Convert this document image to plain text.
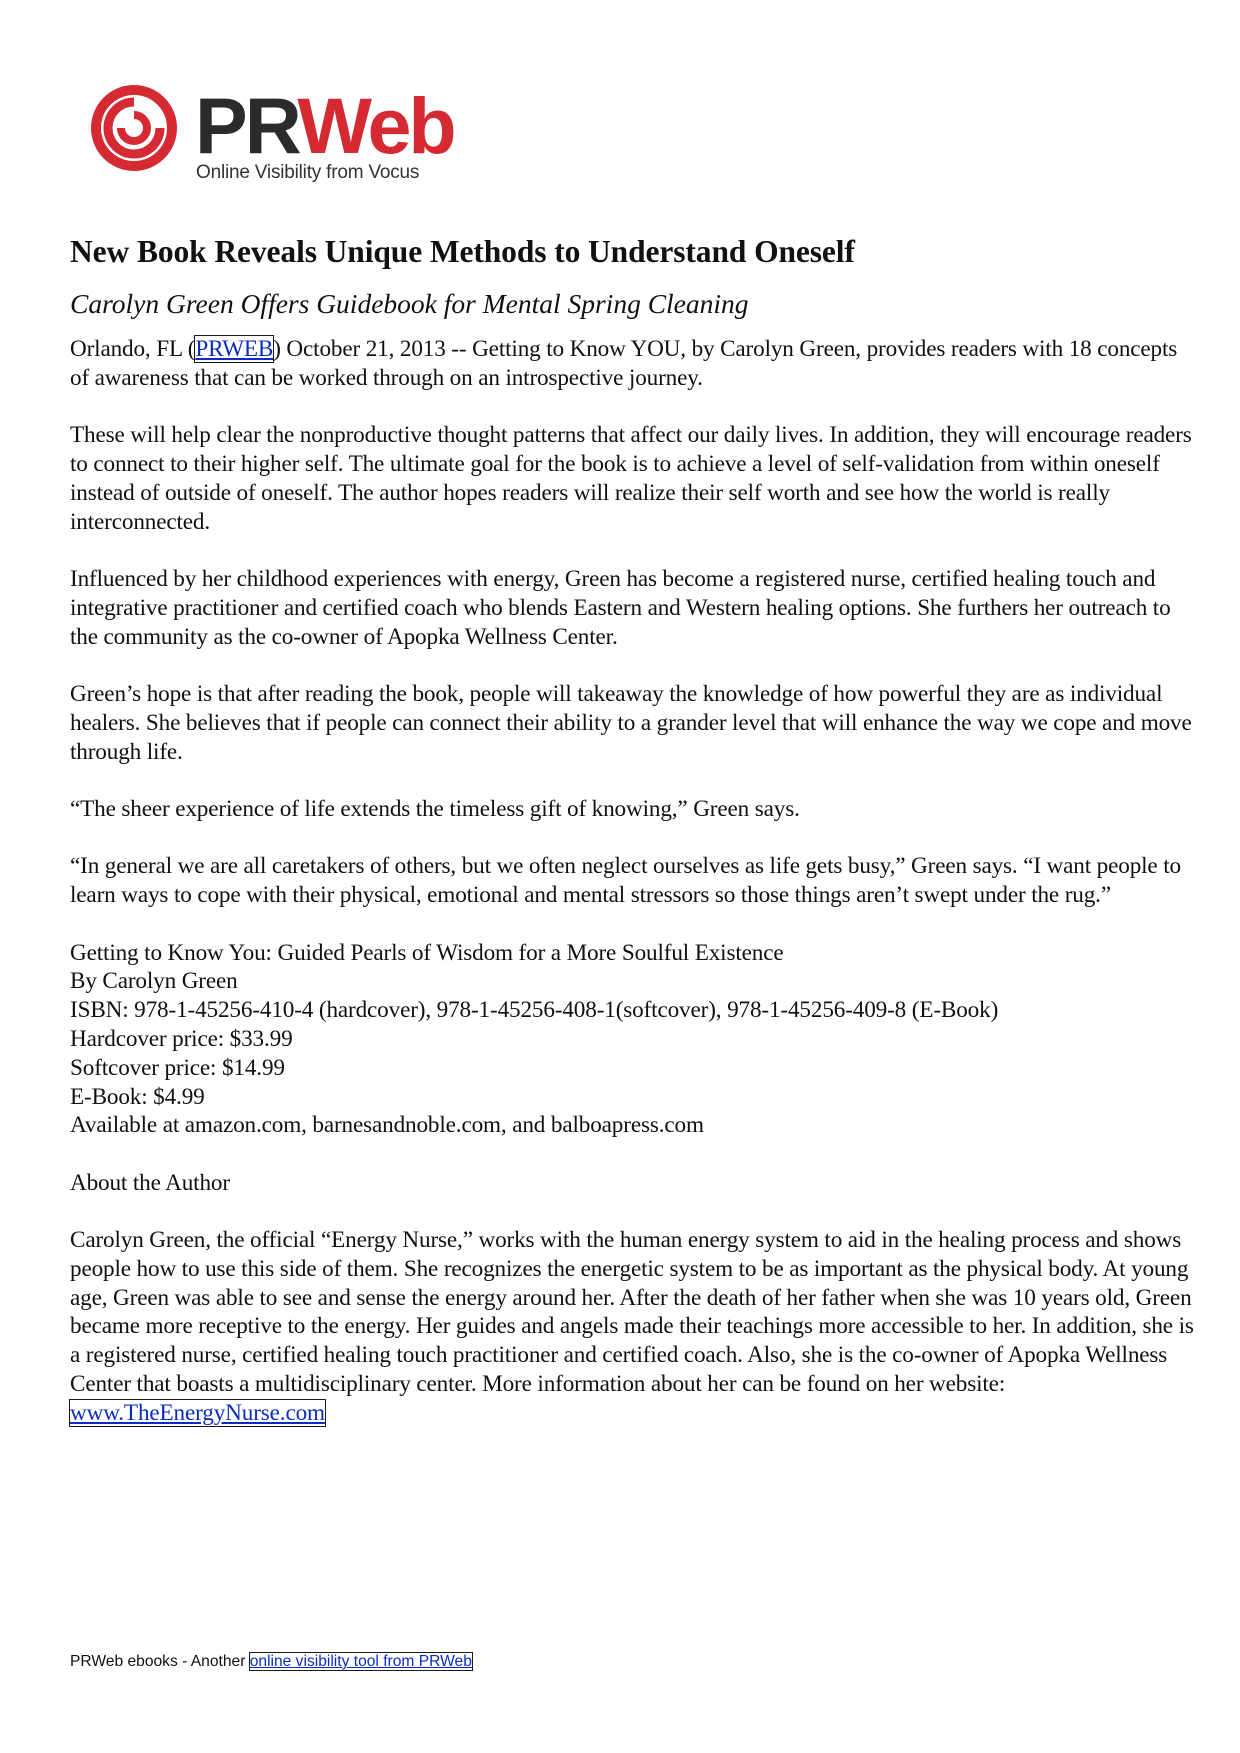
PRWeb
Online Visibility from Vocus
New Book Reveals Unique Methods to Understand Oneself

Carolyn Green Offers Guidebook for Mental Spring Cleaning

Orlando, FL (PRWEB) October 21, 2013 -- Getting to Know YOU, by Carolyn Green, provides readers with 18 concepts of awareness that can be worked through on an introspective journey.

These will help clear the nonproductive thought patterns that affect our daily lives. In addition, they will encourage readers to connect to their higher self. The ultimate goal for the book is to achieve a level of self-validation from within oneself instead of outside of oneself. The author hopes readers will realize their self worth and see how the world is really interconnected.

Influenced by her childhood experiences with energy, Green has become a registered nurse, certified healing touch and integrative practitioner and certified coach who blends Eastern and Western healing options. She furthers her outreach to the community as the co-owner of Apopka Wellness Center.

Green’s hope is that after reading the book, people will takeaway the knowledge of how powerful they are as individual healers. She believes that if people can connect their ability to a grander level that will enhance the way we cope and move through life.

“The sheer experience of life extends the timeless gift of knowing,” Green says.

“In general we are all caretakers of others, but we often neglect ourselves as life gets busy,” Green says. “I want people to learn ways to cope with their physical, emotional and mental stressors so those things aren’t swept under the rug.”

Getting to Know You: Guided Pearls of Wisdom for a More Soulful Existence

By Carolyn Green

ISBN: 978-1-45256-410-4 (hardcover), 978-1-45256-408-1(softcover), 978-1-45256-409-8 (E-Book)

Hardcover price: $33.99

Softcover price: $14.99

E-Book: $4.99

Available at amazon.com, barnesandnoble.com, and balboapress.com

About the Author

Carolyn Green, the official “Energy Nurse,” works with the human energy system to aid in the healing process and shows people how to use this side of them. She recognizes the energetic system to be as important as the physical body. At young age, Green was able to see and sense the energy around her. After the death of her father when she was 10 years old, Green became more receptive to the energy. Her guides and angels made their teachings more accessible to her. In addition, she is a registered nurse, certified healing touch practitioner and certified coach. Also, she is the co-owner of Apopka Wellness Center that boasts a multidisciplinary center. More information about her can be found on her website: www.TheEnergyNurse.com

PRWeb ebooks - Another online visibility tool from PRWeb
